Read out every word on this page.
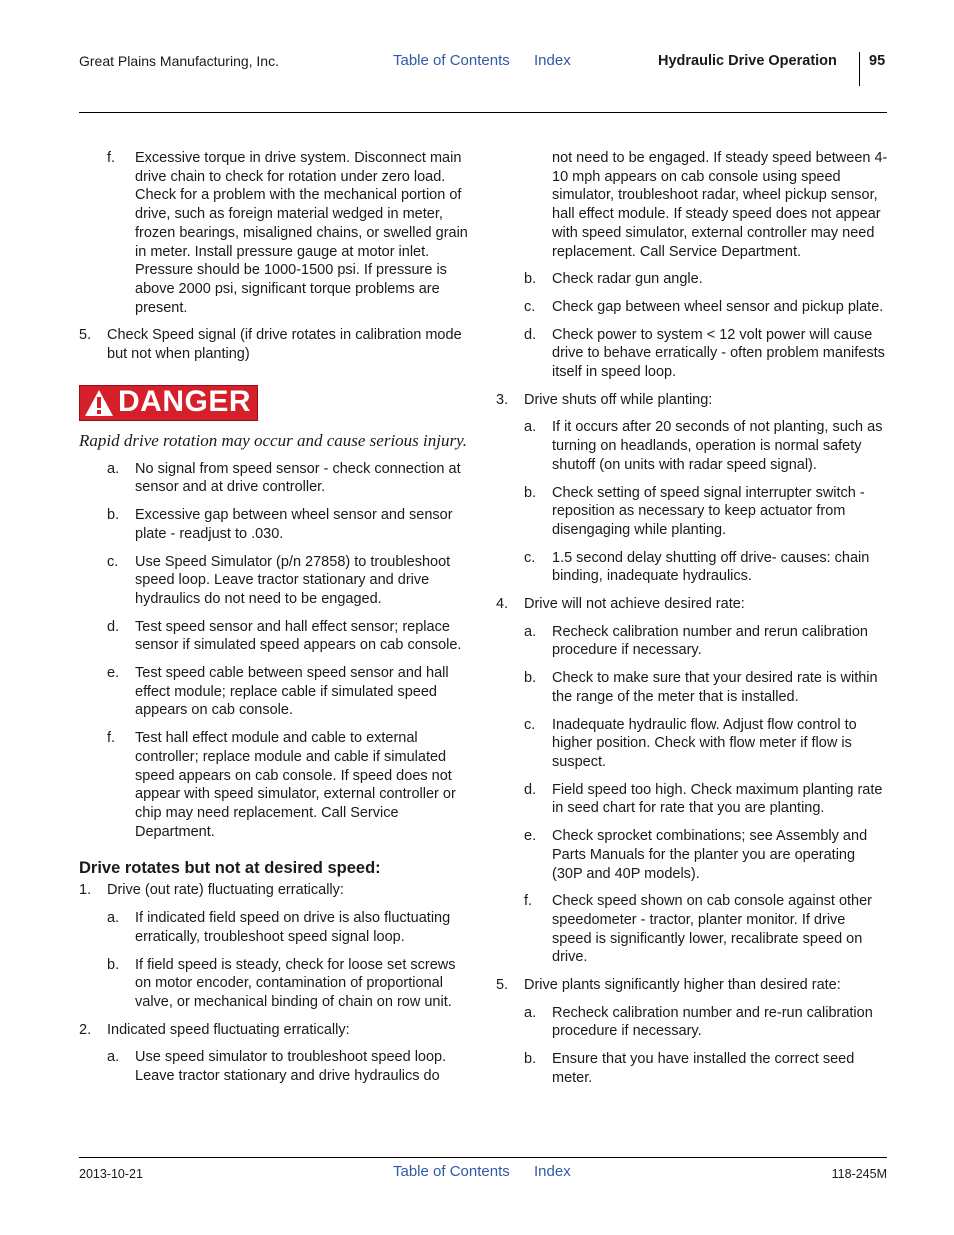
Great Plains Manufacturing, Inc.	Table of Contents Index	Hydraulic Drive Operation 95
f. Excessive torque in drive system. Disconnect main drive chain to check for rotation under zero load. Check for a problem with the mechanical portion of drive, such as foreign material wedged in meter, frozen bearings, misaligned chains, or swelled grain in meter. Install pressure gauge at motor inlet. Pressure should be 1000-1500 psi. If pressure is above 2000 psi, significant torque problems are present.
5. Check Speed signal (if drive rotates in calibration mode but not when planting)
DANGER
Rapid drive rotation may occur and cause serious injury.
a. No signal from speed sensor - check connection at sensor and at drive controller.
b. Excessive gap between wheel sensor and sensor plate - readjust to .030.
c. Use Speed Simulator (p/n 27858) to troubleshoot speed loop. Leave tractor stationary and drive hydraulics do not need to be engaged.
d. Test speed sensor and hall effect sensor; replace sensor if simulated speed appears on cab console.
e. Test speed cable between speed sensor and hall effect module; replace cable if simulated speed appears on cab console.
f. Test hall effect module and cable to external controller; replace module and cable if simulated speed appears on cab console. If speed does not appear with speed simulator, external controller or chip may need replacement. Call Service Department.
Drive rotates but not at desired speed:
1. Drive (out rate) fluctuating erratically:
a. If indicated field speed on drive is also fluctuating erratically, troubleshoot speed signal loop.
b. If field speed is steady, check for loose set screws on motor encoder, contamination of proportional valve, or mechanical binding of chain on row unit.
2. Indicated speed fluctuating erratically:
a. Use speed simulator to troubleshoot speed loop. Leave tractor stationary and drive hydraulics do
not need to be engaged. If steady speed between 4-10 mph appears on cab console using speed simulator, troubleshoot radar, wheel pickup sensor, hall effect module. If steady speed does not appear with speed simulator, external controller may need replacement. Call Service Department.
b. Check radar gun angle.
c. Check gap between wheel sensor and pickup plate.
d. Check power to system < 12 volt power will cause drive to behave erratically - often problem manifests itself in speed loop.
3. Drive shuts off while planting:
a. If it occurs after 20 seconds of not planting, such as turning on headlands, operation is normal safety shutoff (on units with radar speed signal).
b. Check setting of speed signal interrupter switch - reposition as necessary to keep actuator from disengaging while planting.
c. 1.5 second delay shutting off drive- causes: chain binding, inadequate hydraulics.
4. Drive will not achieve desired rate:
a. Recheck calibration number and rerun calibration procedure if necessary.
b. Check to make sure that your desired rate is within the range of the meter that is installed.
c. Inadequate hydraulic flow. Adjust flow control to higher position. Check with flow meter if flow is suspect.
d. Field speed too high. Check maximum planting rate in seed chart for rate that you are planting.
e. Check sprocket combinations; see Assembly and Parts Manuals for the planter you are operating (30P and 40P models).
f. Check speed shown on cab console against other speedometer - tractor, planter monitor. If drive speed is significantly lower, recalibrate speed on drive.
5. Drive plants significantly higher than desired rate:
a. Recheck calibration number and re-run calibration procedure if necessary.
b. Ensure that you have installed the correct seed meter.
2013-10-21	Table of Contents Index	118-245M
